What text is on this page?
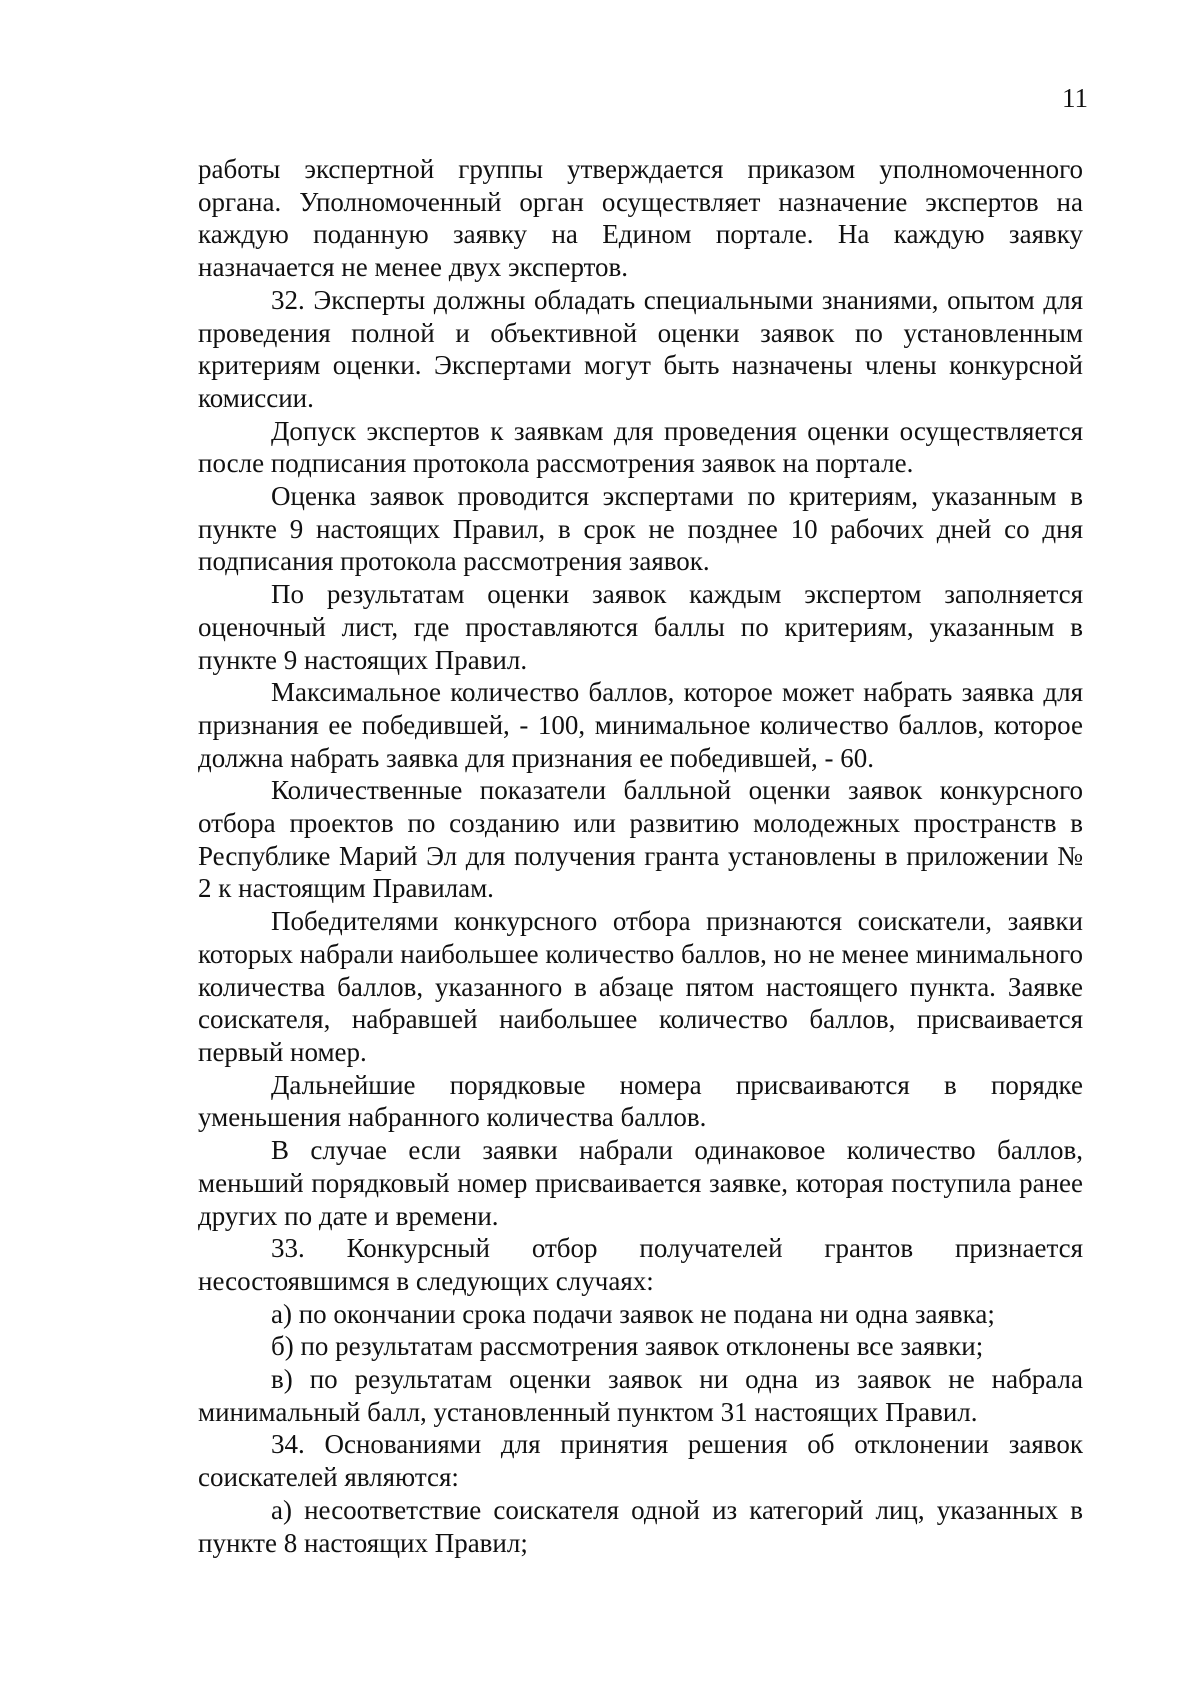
11

работы экспертной группы утверждается приказом уполномоченного органа. Уполномоченный орган осуществляет назначение экспертов на каждую поданную заявку на Едином портале. На каждую заявку назначается не менее двух экспертов.

32. Эксперты должны обладать специальными знаниями, опытом для проведения полной и объективной оценки заявок по установленным критериям оценки. Экспертами могут быть назначены члены конкурсной комиссии.

Допуск экспертов к заявкам для проведения оценки осуществляется после подписания протокола рассмотрения заявок на портале.

Оценка заявок проводится экспертами по критериям, указанным в пункте 9 настоящих Правил, в срок не позднее 10 рабочих дней со дня подписания протокола рассмотрения заявок.

По результатам оценки заявок каждым экспертом заполняется оценочный лист, где проставляются баллы по критериям, указанным в пункте 9 настоящих Правил.

Максимальное количество баллов, которое может набрать заявка для признания ее победившей, - 100, минимальное количество баллов, которое должна набрать заявка для признания ее победившей, - 60.

Количественные показатели балльной оценки заявок конкурсного отбора проектов по созданию или развитию молодежных пространств в Республике Марий Эл для получения гранта установлены в приложении № 2 к настоящим Правилам.

Победителями конкурсного отбора признаются соискатели, заявки которых набрали наибольшее количество баллов, но не менее минимального количества баллов, указанного в абзаце пятом настоящего пункта. Заявке соискателя, набравшей наибольшее количество баллов, присваивается первый номер.

Дальнейшие порядковые номера присваиваются в порядке уменьшения набранного количества баллов.

В случае если заявки набрали одинаковое количество баллов, меньший порядковый номер присваивается заявке, которая поступила ранее других по дате и времени.

33. Конкурсный отбор получателей грантов признается несостоявшимся в следующих случаях:

а) по окончании срока подачи заявок не подана ни одна заявка;

б) по результатам рассмотрения заявок отклонены все заявки;

в) по результатам оценки заявок ни одна из заявок не набрала минимальный балл, установленный пунктом 31 настоящих Правил.

34. Основаниями для принятия решения об отклонении заявок соискателей являются:

а) несоответствие соискателя одной из категорий лиц, указанных в пункте 8 настоящих Правил;
